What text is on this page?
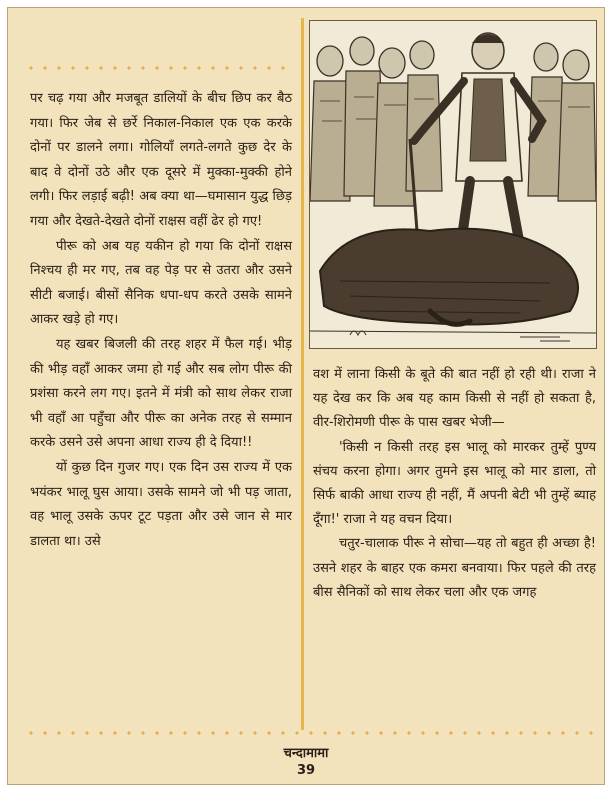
पर चढ़ गया और मजबूत डालियों के बीच छिप कर बैठ गया। फिर जेब से छर्रे निकाल-निकाल एक एक करके दोनों पर डालने लगा। गोलियाँ लगते-लगते कुछ देर के बाद वे दोनों उठे और एक दूसरे में मुक्का-मुक्की होने लगी। फिर लड़ाई बढ़ी! अब क्या था—घमासान युद्ध छिड़ गया और देखते-देखते दोनों राक्षस वहीं ढेर हो गए!

पीरू को अब यह यकीन हो गया कि दोनों राक्षस निश्चय ही मर गए, तब वह पेड़ पर से उतरा और उसने सीटी बजाई। बीसों सैनिक धपा-धप करते उसके सामने आकर खड़े हो गए।

यह खबर बिजली की तरह शहर में फैल गई। भीड़ की भीड़ वहाँ आकर जमा हो गई और सब लोग पीरू की प्रशंसा करने लग गए। इतने में मंत्री को साथ लेकर राजा भी वहाँ आ पहुँचा और पीरू का अनेक तरह से सम्मान करके उसने उसे अपना आधा राज्य ही दे दिया!!

यों कुछ दिन गुजर गए। एक दिन उस राज्य में एक भयंकर भालू घुस आया। उसके सामने जो भी पड़ जाता, वह भालू उसके ऊपर टूट पड़ता और उसे जान से मार डालता था। उसे

वश में लाना किसी के बूते की बात नहीं हो रही थी। राजा ने यह देख कर कि अब यह काम किसी से नहीं हो सकता है, वीर-शिरोमणी पीरू के पास खबर भेजी—

'किसी न किसी तरह इस भालू को मारकर तुम्हें पुण्य संचय करना होगा। अगर तुमने इस भालू को मार डाला, तो सिर्फ बाकी आधा राज्य ही नहीं, मैं अपनी बेटी भी तुम्हें ब्याह दूँगा!' राजा ने यह वचन दिया।

चतुर-चालाक पीरू ने सोचा—यह तो बहुत ही अच्छा है! उसने शहर के बाहर एक कमरा बनवाया। फिर पहले की तरह बीस सैनिकों को साथ लेकर चला और एक जगह

चन्दामामा
39
